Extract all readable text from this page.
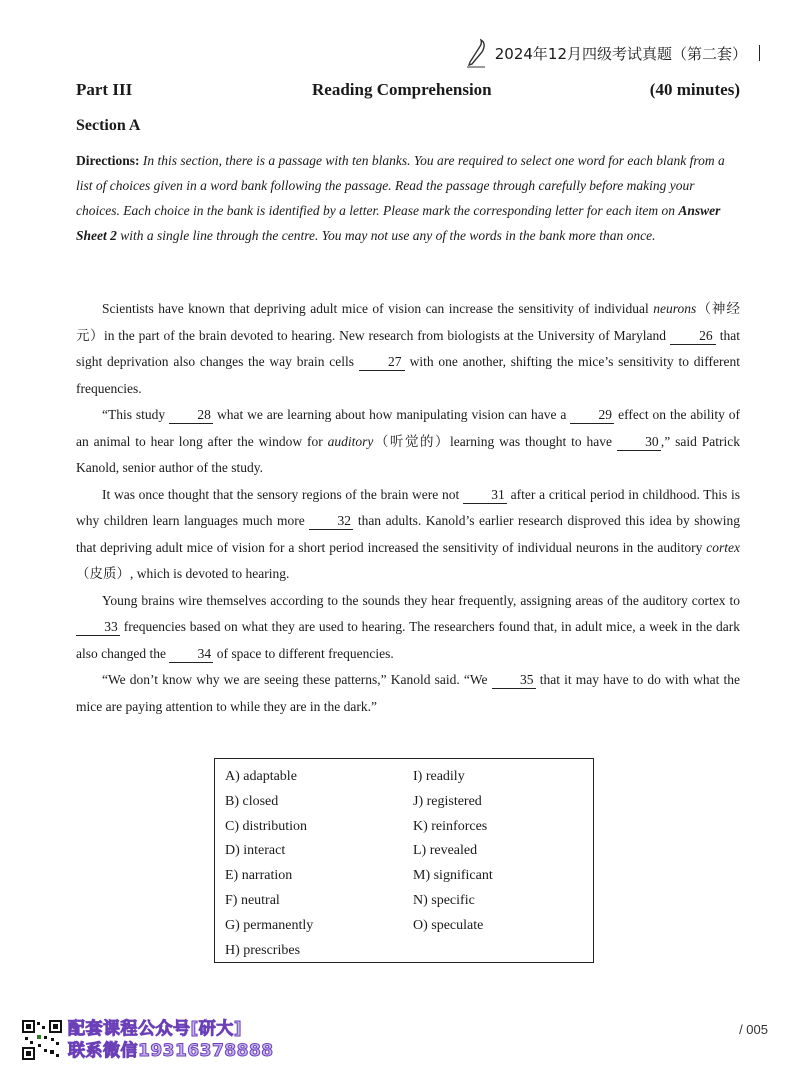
2024年12月四级考试真题（第二套）
Part III	Reading Comprehension	(40 minutes)
Section A
Directions: In this section, there is a passage with ten blanks. You are required to select one word for each blank from a list of choices given in a word bank following the passage. Read the passage through carefully before making your choices. Each choice in the bank is identified by a letter. Please mark the corresponding letter for each item on Answer Sheet 2 with a single line through the centre. You may not use any of the words in the bank more than once.

Scientists have known that depriving adult mice of vision can increase the sensitivity of individual neurons（神经元）in the part of the brain devoted to hearing. New research from biologists at the University of Maryland 26 that sight deprivation also changes the way brain cells 27 with one another, shifting the mice’s sensitivity to different frequencies.

“This study 28 what we are learning about how manipulating vision can have a 29 effect on the ability of an animal to hear long after the window for auditory（听觉的）learning was thought to have 30 ,” said Patrick Kanold, senior author of the study.

It was once thought that the sensory regions of the brain were not 31 after a critical period in childhood. This is why children learn languages much more 32 than adults. Kanold’s earlier research disproved this idea by showing that depriving adult mice of vision for a short period increased the sensitivity of individual neurons in the auditory cortex（皮质）, which is devoted to hearing.

Young brains wire themselves according to the sounds they hear frequently, assigning areas of the auditory cortex to 33 frequencies based on what they are used to hearing. The researchers found that, in adult mice, a week in the dark also changed the 34 of space to different frequencies.

“We don’t know why we are seeing these patterns,” Kanold said. “We 35 that it may have to do with what the mice are paying attention to while they are in the dark.”

A) adaptable
B) closed
C) distribution
D) interact
E) narration
F) neutral
G) permanently
H) prescribes
I) readily
J) registered
K) reinforces
L) revealed
M) significant
N) specific
O) speculate
配套课程公众号[研大]
联系微信19316378888
/ 005
